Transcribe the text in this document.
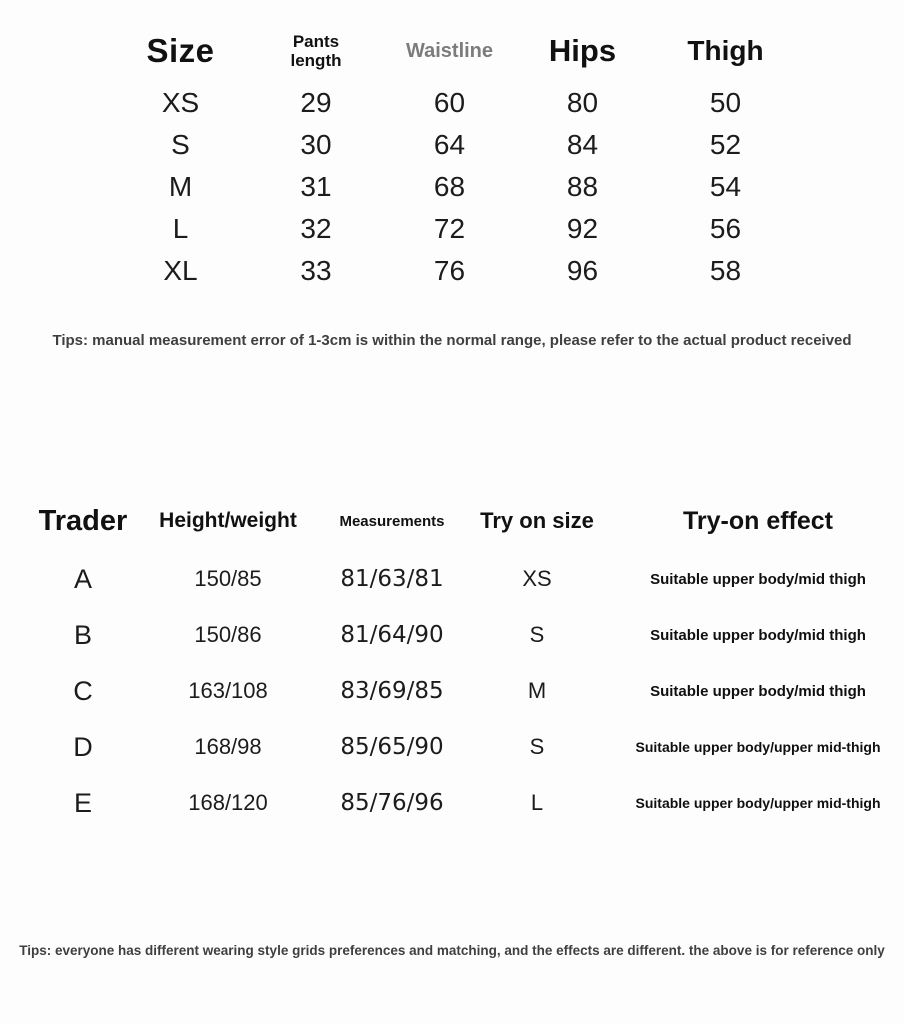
Size	Pants length	Waistline	Hips	Thigh
XS	29	60	80	50
S	30	64	84	52
M	31	68	88	54
L	32	72	92	56
XL	33	76	96	58

Tips: manual measurement error of 1-3cm is within the normal range, please refer to the actual product received

Trader	Height/weight	Measurements	Try on size	Try-on effect
A	150/85	81/63/81	XS	Suitable upper body/mid thigh
B	150/86	81/64/90	S	Suitable upper body/mid thigh
C	163/108	83/69/85	M	Suitable upper body/mid thigh
D	168/98	85/65/90	S	Suitable upper body/upper mid-thigh
E	168/120	85/76/96	L	Suitable upper body/upper mid-thigh

Tips: everyone has different wearing style grids preferences and matching, and the effects are different. the above is for reference only
